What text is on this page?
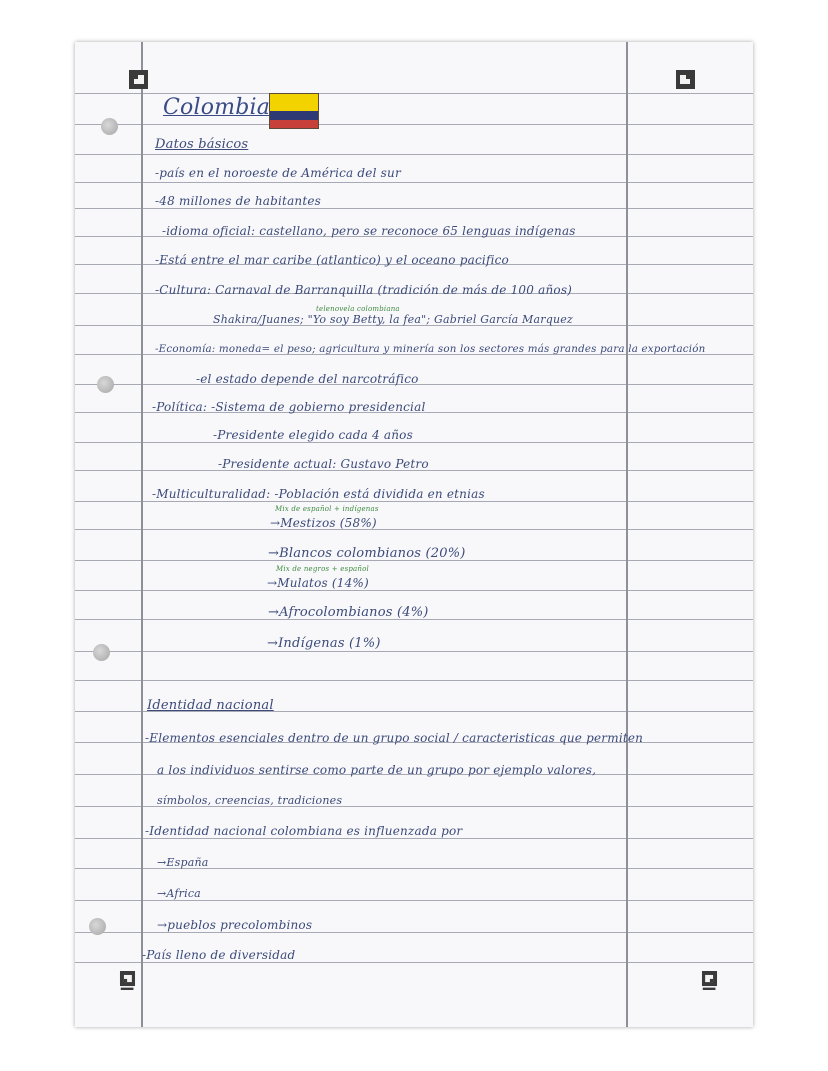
Colombia
Datos básicos
-país en el noroeste de América del sur
-48 millones de habitantes
-idioma oficial: castellano, pero se reconoce 65 lenguas indígenas
-Está entre el mar caribe (atlantico) y el oceano pacifico
-Cultura: Carnaval de Barranquilla (tradición de más de 100 años)
telenovela colombiana
Shakira/Juanes; "Yo soy Betty, la fea"; Gabriel García Marquez
-Economía: moneda= el peso; agricultura y minería son los sectores más grandes para la exportación
-el estado depende del narcotráfico
-Política: -Sistema de gobierno presidencial
-Presidente elegido cada 4 años
-Presidente actual: Gustavo Petro
-Multiculturalidad: -Población está dividida en etnias
Mix de español + indígenas
→Mestizos (58%)
→Blancos colombianos (20%)
Mix de negros + español
→Mulatos (14%)
→Afrocolombianos (4%)
→Indígenas (1%)
Identidad nacional
-Elementos esenciales dentro de un grupo social / caracteristicas que permiten
a los individuos sentirse como parte de un grupo por ejemplo valores,
símbolos, creencias, tradiciones
-Identidad nacional colombiana es influenzada por
→España
→Africa
→pueblos precolombinos
-País lleno de diversidad
